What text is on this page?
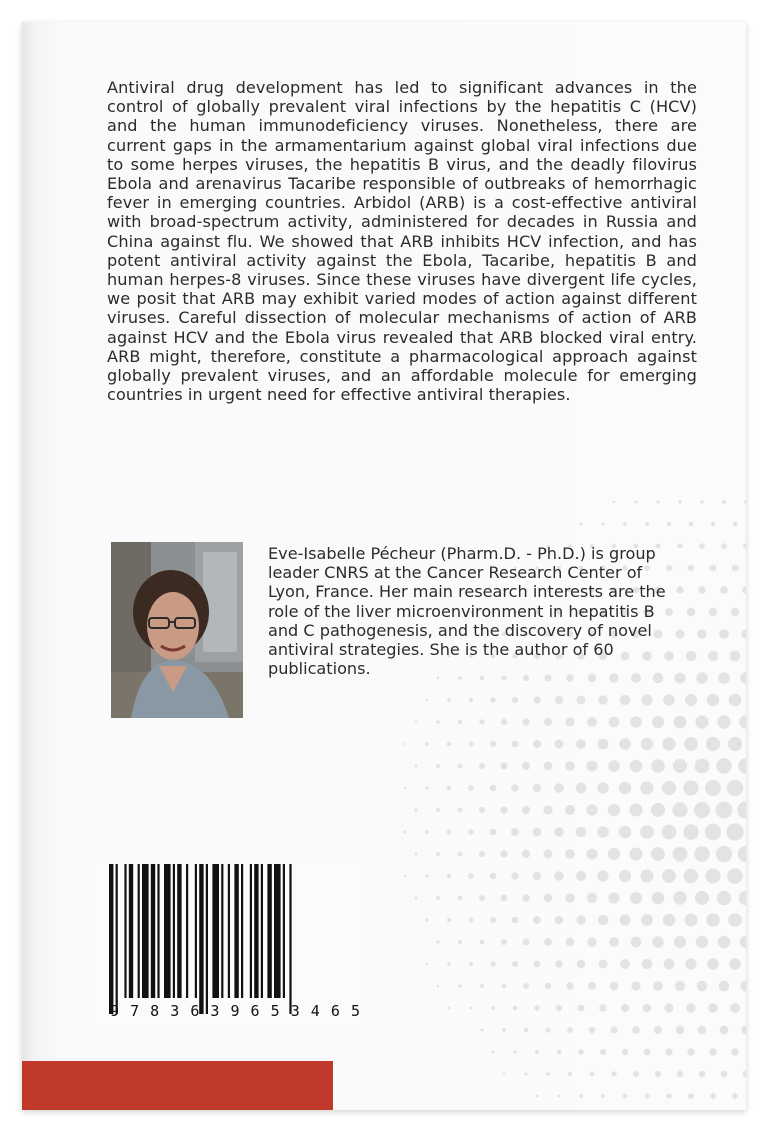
Antiviral drug development has led to significant advances in the control of globally prevalent viral infections by the hepatitis C (HCV) and the human immunodeficiency viruses. Nonetheless, there are current gaps in the armamentarium against global viral infections due to some herpes viruses, the hepatitis B virus, and the deadly filovirus Ebola and arenavirus Tacaribe responsible of outbreaks of hemorrhagic fever in emerging countries. Arbidol (ARB) is a cost-effective antiviral with broad-spectrum activity, administered for decades in Russia and China against flu. We showed that ARB inhibits HCV infection, and has potent antiviral activity against the Ebola, Tacaribe, hepatitis B and human herpes-8 viruses. Since these viruses have divergent life cycles, we posit that ARB may exhibit varied modes of action against different viruses. Careful dissection of molecular mechanisms of action of ARB against HCV and the Ebola virus revealed that ARB blocked viral entry. ARB might, therefore, constitute a pharmacological approach against globally prevalent viruses, and an affordable molecule for emerging countries in urgent need for effective antiviral therapies.

Eve-Isabelle Pécheur (Pharm.D. - Ph.D.) is group leader CNRS at the Cancer Research Center of Lyon, France. Her main research interests are the role of the liver microenvironment in hepatitis B and C pathogenesis, and the discovery of novel antiviral strategies. She is the author of 60 publications.

9 7 8 3 6 3 9 6 5 3 4 6 5
